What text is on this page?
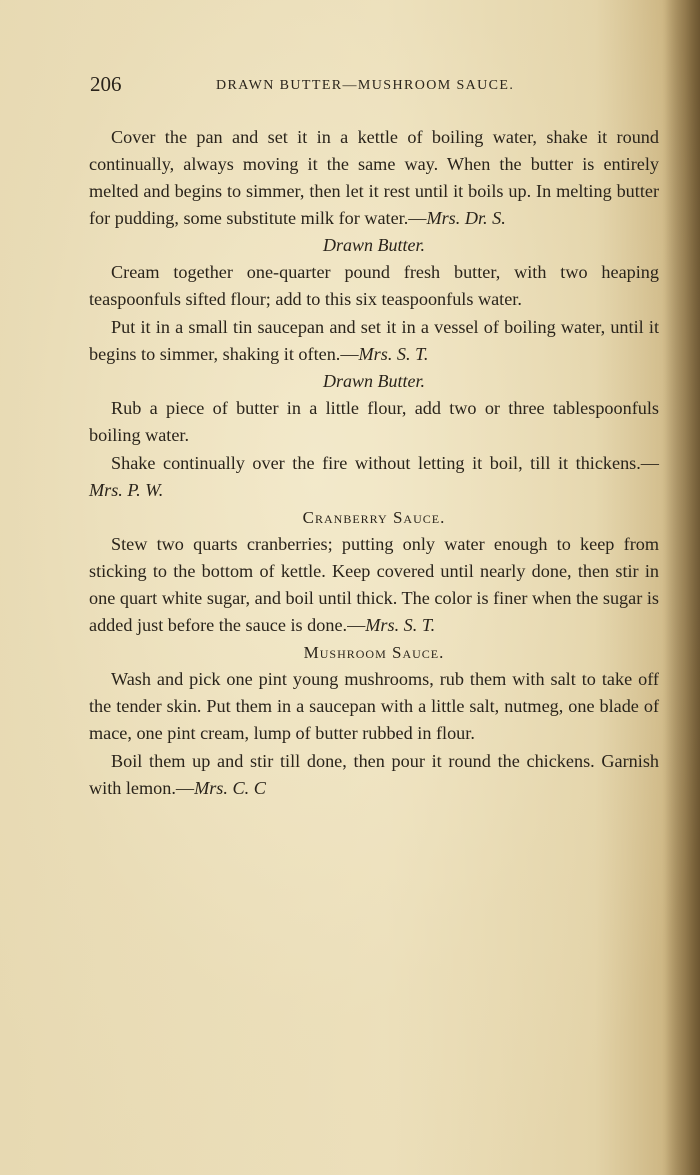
206	DRAWN BUTTER—MUSHROOM SAUCE.

Cover the pan and set it in a kettle of boiling water, shake it round continually, always moving it the same way. When the butter is entirely melted and begins to simmer, then let it rest until it boils up. In melting butter for pudding, some substitute milk for water.—Mrs. Dr. S.

Drawn Butter.

Cream together one-quarter pound fresh butter, with two heaping teaspoonfuls sifted flour; add to this six teaspoonfuls water.

Put it in a small tin saucepan and set it in a vessel of boiling water, until it begins to simmer, shaking it often.—Mrs. S. T.

Drawn Butter.

Rub a piece of butter in a little flour, add two or three tablespoonfuls boiling water.

Shake continually over the fire without letting it boil, till it thickens.—Mrs. P. W.

Cranberry Sauce.

Stew two quarts cranberries; putting only water enough to keep from sticking to the bottom of kettle. Keep covered until nearly done, then stir in one quart white sugar, and boil until thick. The color is finer when the sugar is added just before the sauce is done.—Mrs. S. T.

Mushroom Sauce.

Wash and pick one pint young mushrooms, rub them with salt to take off the tender skin. Put them in a saucepan with a little salt, nutmeg, one blade of mace, one pint cream, lump of butter rubbed in flour.

Boil them up and stir till done, then pour it round the chickens. Garnish with lemon.—Mrs. C. C
